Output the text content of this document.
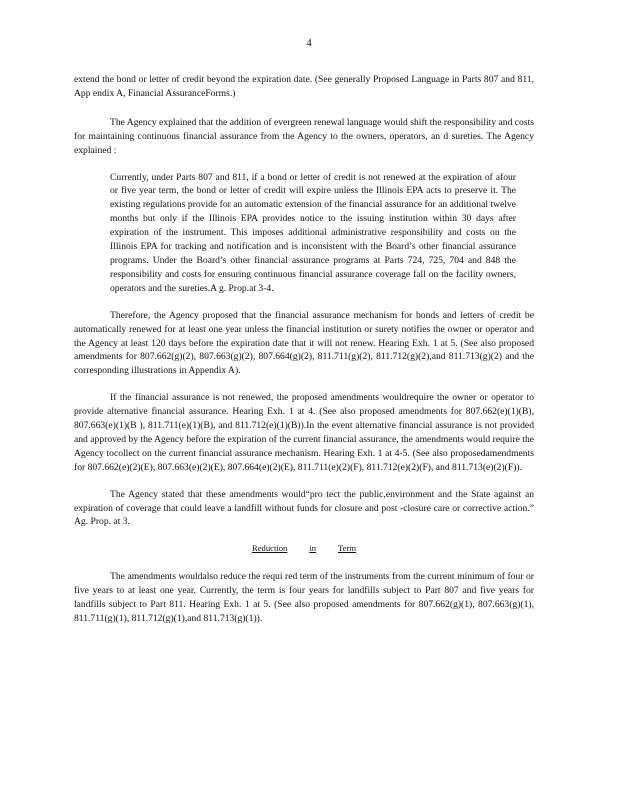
4

extend the bond or letter of credit beyond the expiration date. (See generally Proposed Language in Parts 807 and 811, App endix A, Financial AssuranceForms.)

The Agency explained that the addition of evergreen renewal language would shift the responsibility and costs for maintaining continuous financial assurance from the Agency to the owners, operators, an d sureties. The Agency explained :

Currently, under Parts 807 and 811, if a bond or letter of credit is not renewed at the expiration of afour or five year term, the bond or letter of credit will expire unless the Illinois EPA acts to preserve it. The existing regulations provide for an automatic extension of the financial assurance for an additional twelve months but only if the Illinois EPA provides notice to the issuing institution within 30 days after expiration of the instrument. This imposes additional administrative responsibility and costs on the Illinois EPA for tracking and notification and is inconsistent with the Board’s other financial assurance programs. Under the Board’s other financial assurance programs at Parts 724, 725, 704 and 848 the responsibility and costs for ensuring continuous financial assurance coverage fall on the facility owners, operators and the sureties.A g. Prop.at 3-4.

Therefore, the Agency proposed that the financial assurance mechanism for bonds and letters of credit be automatically renewed for at least one year unless the financial institution or surety notifies the owner or operator and the Agency at least 120 days before the expiration date that it will not renew. Hearing Exh. 1 at 5. (See also proposed amendments for 807.662(g)(2), 807.663(g)(2), 807.664(g)(2), 811.711(g)(2), 811.712(g)(2),and 811.713(g)(2) and the corresponding illustrations in Appendix A).

If the financial assurance is not renewed, the proposed amendments wouldrequire the owner or operator to provide alternative financial assurance. Hearing Exh. 1 at 4. (See also proposed amendments for 807.662(e)(1)(B), 807.663(e)(1)(B ), 811.711(e)(1)(B), and 811.712(e)(1)(B)).In the event alternative financial assurance is not provided and approved by the Agency before the expiration of the current financial assurance, the amendments would require the Agency tocollect on the current financial assurance mechanism. Hearing Exh. 1 at 4-5. (See also proposedamendments for 807.662(e)(2)(E), 807.663(e)(2)(E), 807.664(e)(2)(E), 811.711(e)(2)(F), 811.712(e)(2)(F), and 811.713(e)(2)(F)).

The Agency stated that these amendments would“pro tect the public,environment and the State against an expiration of coverage that could leave a landfill without funds for closure and post -closure care or corrective action.” Ag. Prop. at 3.

Reduction	in	Term

The amendments wouldalso reduce the requi red term of the instruments from the current minimum of four or five years to at least one year. Currently, the term is four years for landfills subject to Part 807 and five years for landfills subject to Part 811. Hearing Exh. 1 at 5. (See also proposed amendments for 807.662(g)(1), 807.663(g)(1), 811.711(g)(1), 811.712(g)(1),and 811.713(g)(1)).
